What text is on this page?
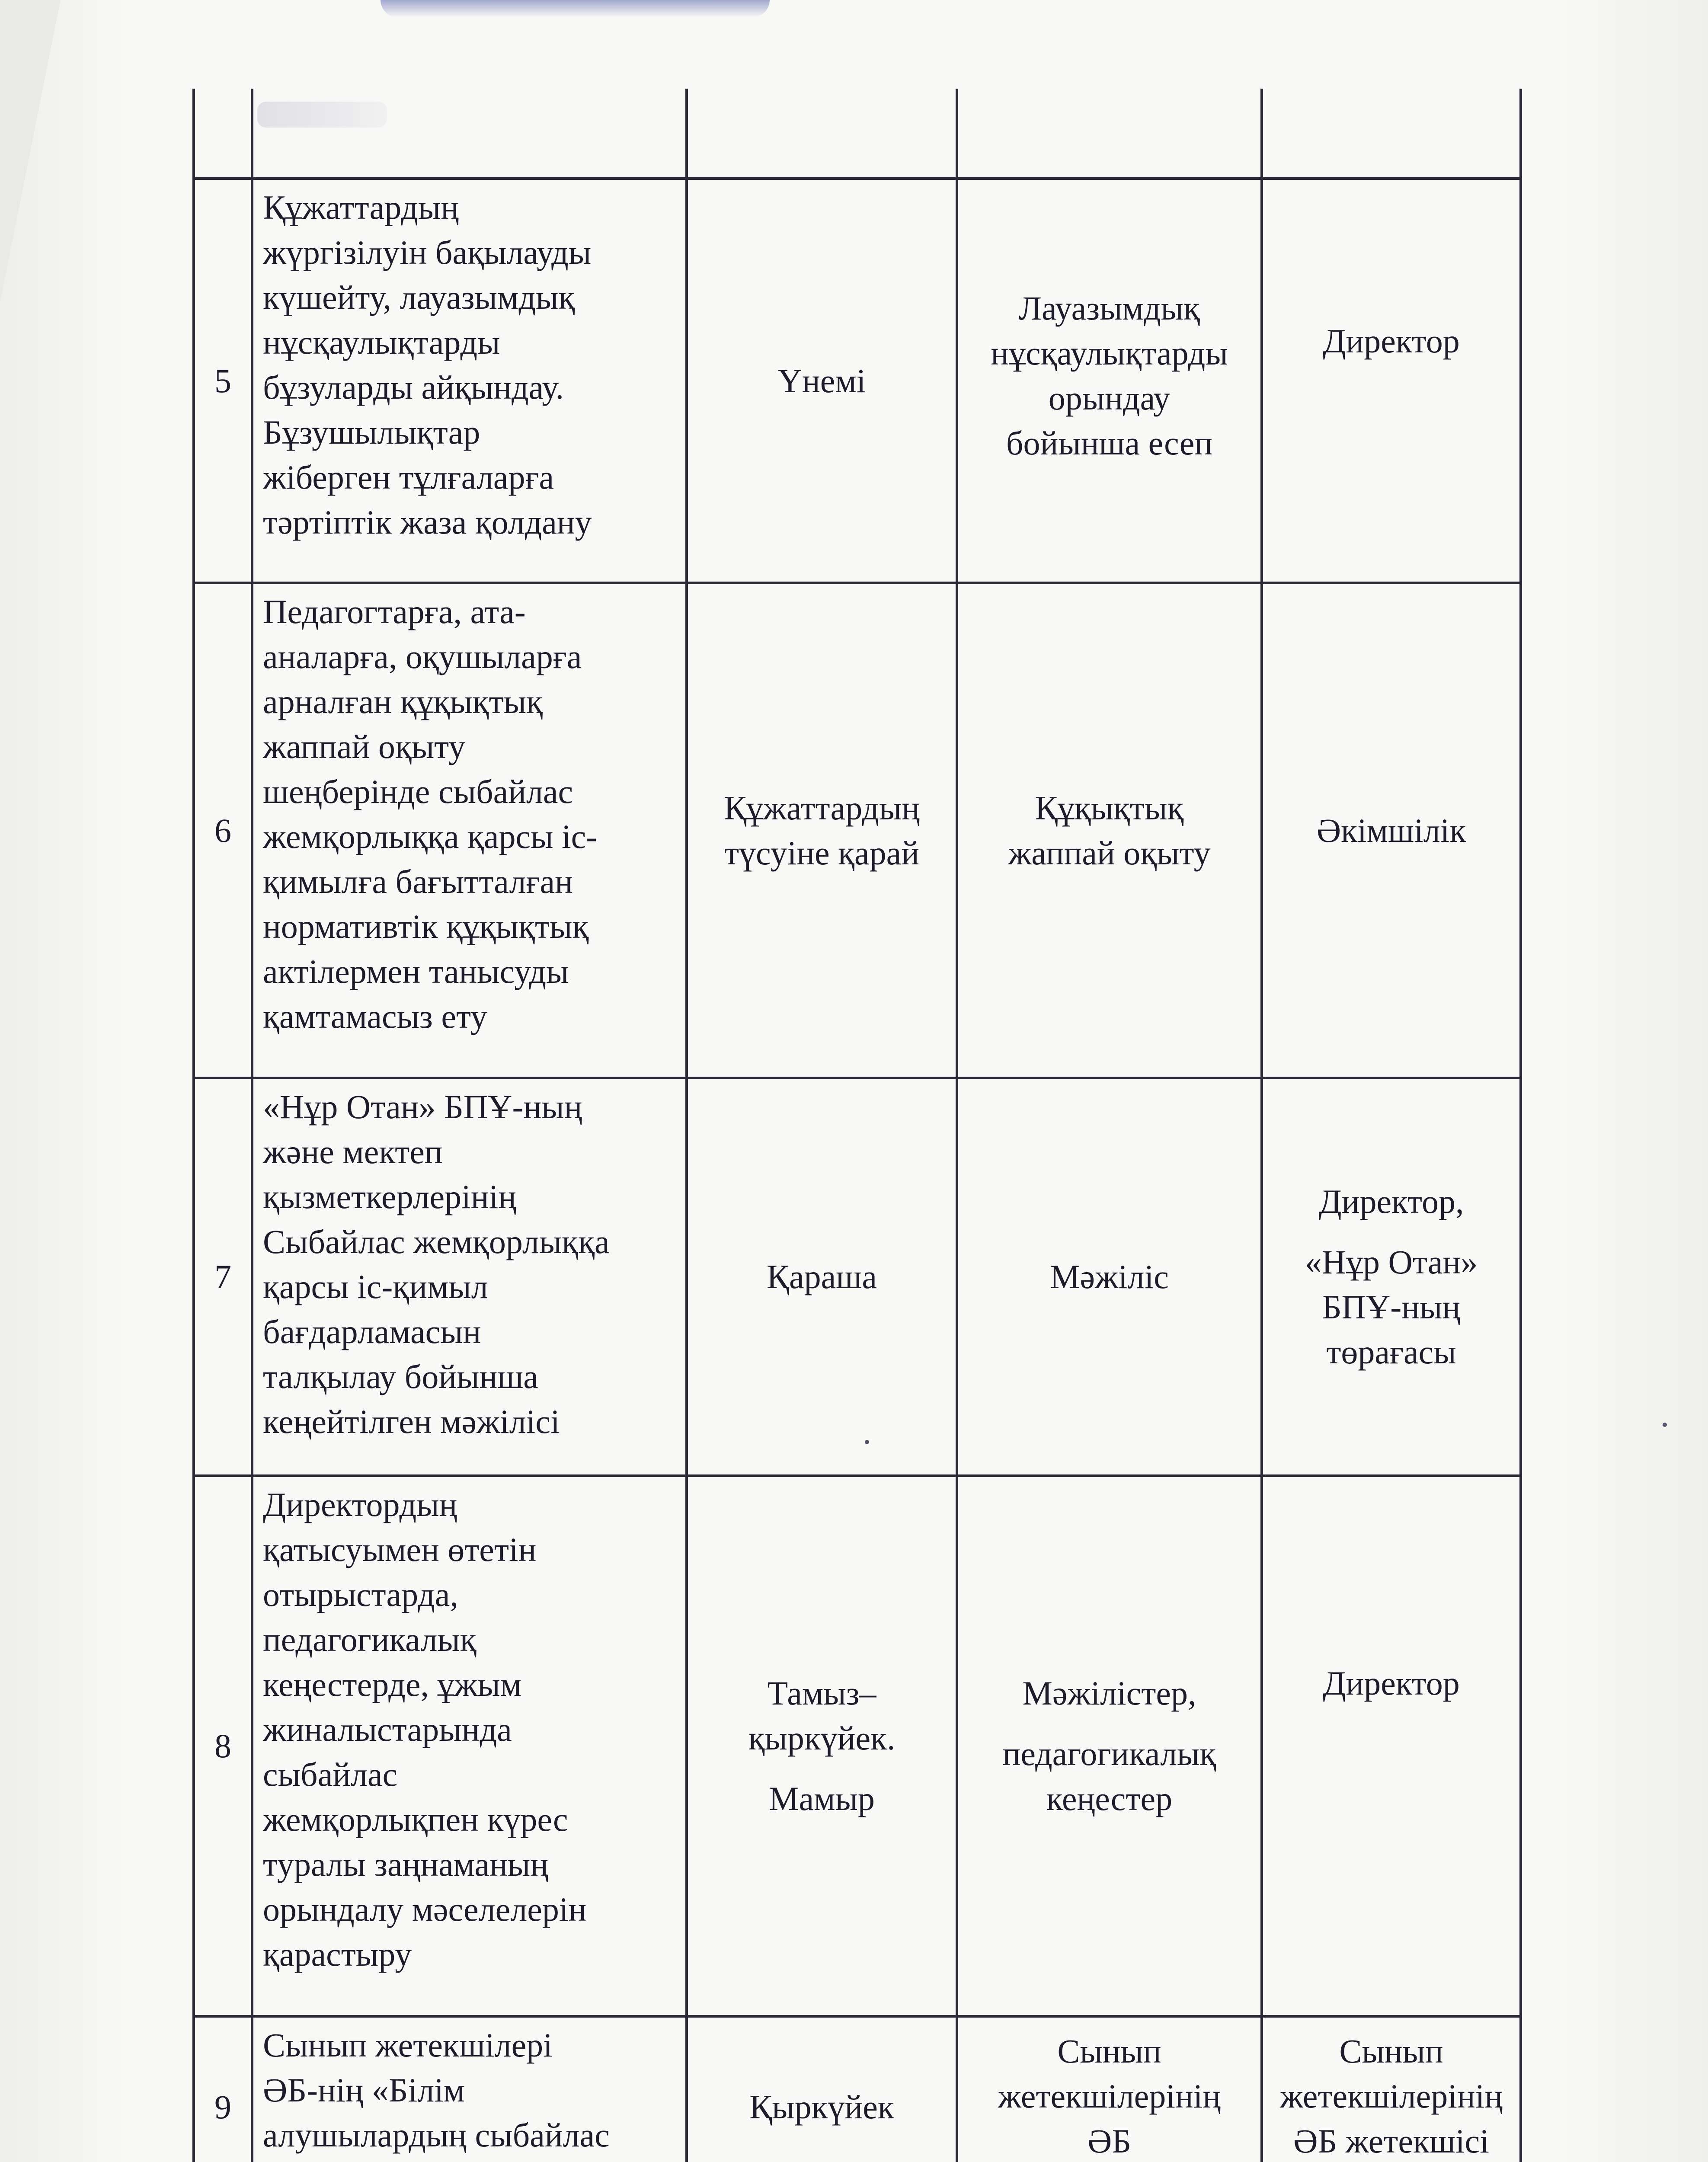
5
Құжаттардың
жүргізілуін бақылауды
күшейту, лауазымдық
нұсқаулықтарды
бұзуларды айқындау.
Бұзушылықтар
жіберген тұлғаларға
тәртіптік жаза қолдану
Үнемі
Лауазымдық
нұсқаулықтарды
орындау
бойынша есеп
Директор
6
Педагогтарға, ата-
аналарға, оқушыларға
арналған құқықтық
жаппай оқыту
шеңберінде сыбайлас
жемқорлыққа қарсы іс-
қимылға бағытталған
нормативтік құқықтық
актілермен танысуды
қамтамасыз ету
Құжаттардың
түсуіне қарай
Құқықтық
жаппай оқыту
Әкімшілік
7
«Нұр Отан» БПҰ-ның
және мектеп
қызметкерлерінің
Сыбайлас жемқорлыққа
қарсы іс-қимыл
бағдарламасын
талқылау бойынша
кеңейтілген мәжілісі
Қараша	Мәжіліс
Директор,
«Нұр Отан»
БПҰ-ның
төрағасы
8
Директордың
қатысуымен өтетін
отырыстарда,
педагогикалық
кеңестерде, ұжым
жиналыстарында
сыбайлас
жемқорлықпен күрес
туралы заңнаманың
орындалу мәселелерін
қарастыру
Тамыз–
қыркүйек.
Мамыр
Мәжілістер,
педагогикалық
кеңестер
Директор
9
Сынып жетекшілері
ӘБ-нің «Білім
алушылардың сыбайлас
Қыркүйек
Сынып
жетекшілерінің
ӘБ
Сынып
жетекшілерінің
ӘБ жетекшісі
